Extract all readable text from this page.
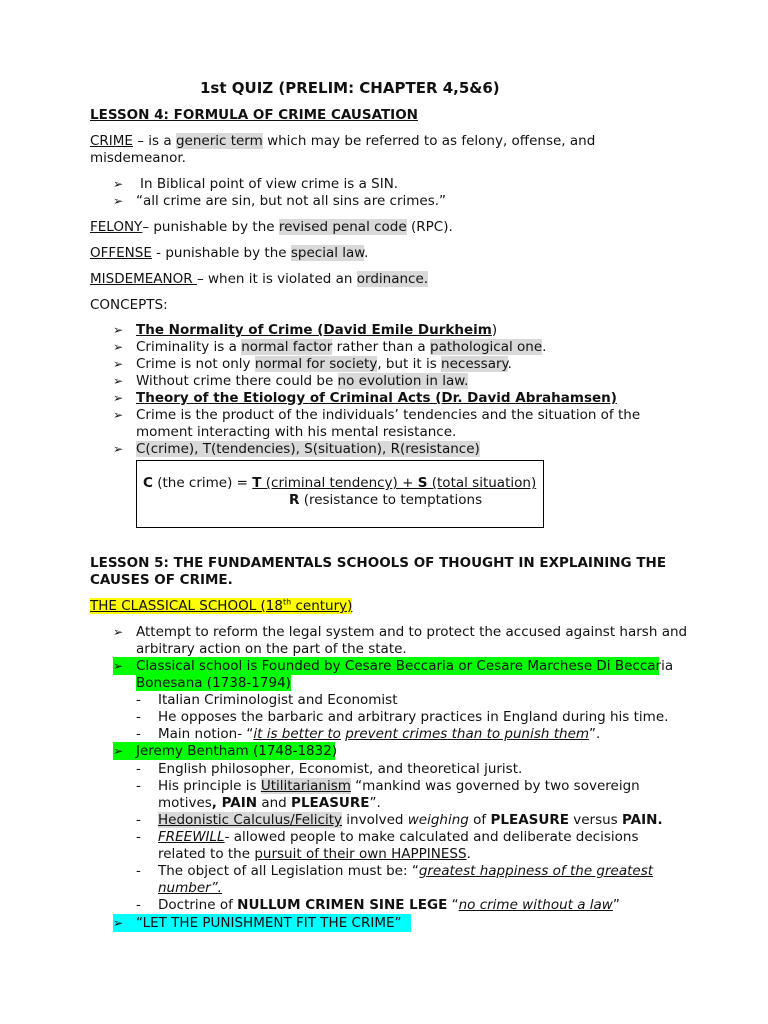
1st QUIZ (PRELIM: CHAPTER 4,5&6)
LESSON 4: FORMULA OF CRIME CAUSATION
CRIME – is a generic term which may be referred to as felony, offense, and
misdemeanor.
➢ In Biblical point of view crime is a SIN.
➢ “all crime are sin, but not all sins are crimes.”
FELONY– punishable by the revised penal code (RPC).
OFFENSE - punishable by the special law.
MISDEMEANOR – when it is violated an ordinance.
CONCEPTS:
➢ The Normality of Crime (David Emile Durkheim)
➢ Criminality is a normal factor rather than a pathological one.
➢ Crime is not only normal for society, but it is necessary.
➢ Without crime there could be no evolution in law.
➢ Theory of the Etiology of Criminal Acts (Dr. David Abrahamsen)
➢ Crime is the product of the individuals’ tendencies and the situation of the
moment interacting with his mental resistance.
➢ C(crime), T(tendencies), S(situation), R(resistance)
C (the crime) = T (criminal tendency) + S (total situation)
R (resistance to temptations
LESSON 5: THE FUNDAMENTALS SCHOOLS OF THOUGHT IN EXPLAINING THE
CAUSES OF CRIME.
THE CLASSICAL SCHOOL (18th century)
➢ Attempt to reform the legal system and to protect the accused against harsh and
arbitrary action on the part of the state.
➢ Classical school is Founded by Cesare Beccaria or Cesare Marchese Di Beccaria
Bonesana (1738-1794)
- Italian Criminologist and Economist
- He opposes the barbaric and arbitrary practices in England during his time.
- Main notion- “it is better to prevent crimes than to punish them”.
➢ Jeremy Bentham (1748-1832)
- English philosopher, Economist, and theoretical jurist.
- His principle is Utilitarianism “mankind was governed by two sovereign
motives, PAIN and PLEASURE”.
- Hedonistic Calculus/Felicity involved weighing of PLEASURE versus PAIN.
- FREEWILL- allowed people to make calculated and deliberate decisions
related to the pursuit of their own HAPPINESS.
- The object of all Legislation must be: “greatest happiness of the greatest
number”.
- Doctrine of NULLUM CRIMEN SINE LEGE “no crime without a law”
➢ “LET THE PUNISHMENT FIT THE CRIME”
